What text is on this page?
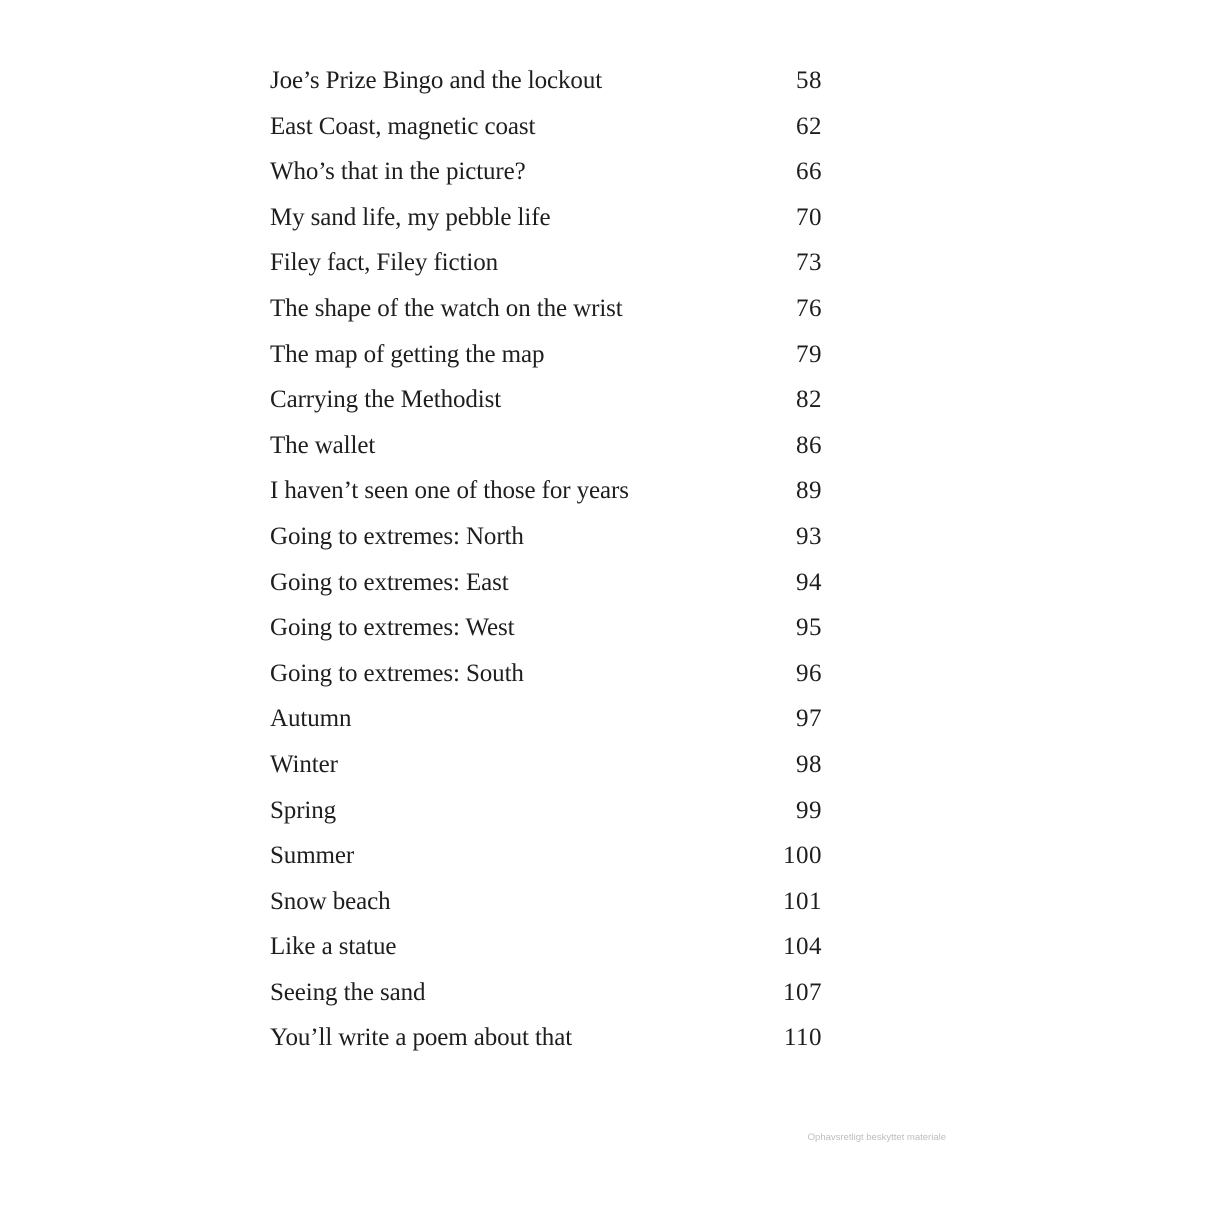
Joe’s Prize Bingo and the lockout	58
East Coast, magnetic coast	62
Who’s that in the picture?	66
My sand life, my pebble life	70
Filey fact, Filey fiction	73
The shape of the watch on the wrist	76
The map of getting the map	79
Carrying the Methodist	82
The wallet	86
I haven’t seen one of those for years	89
Going to extremes: North	93
Going to extremes: East	94
Going to extremes: West	95
Going to extremes: South	96
Autumn	97
Winter	98
Spring	99
Summer	100
Snow beach	101
Like a statue	104
Seeing the sand	107
You’ll write a poem about that	110
Ophavsretligt beskyttet materiale
